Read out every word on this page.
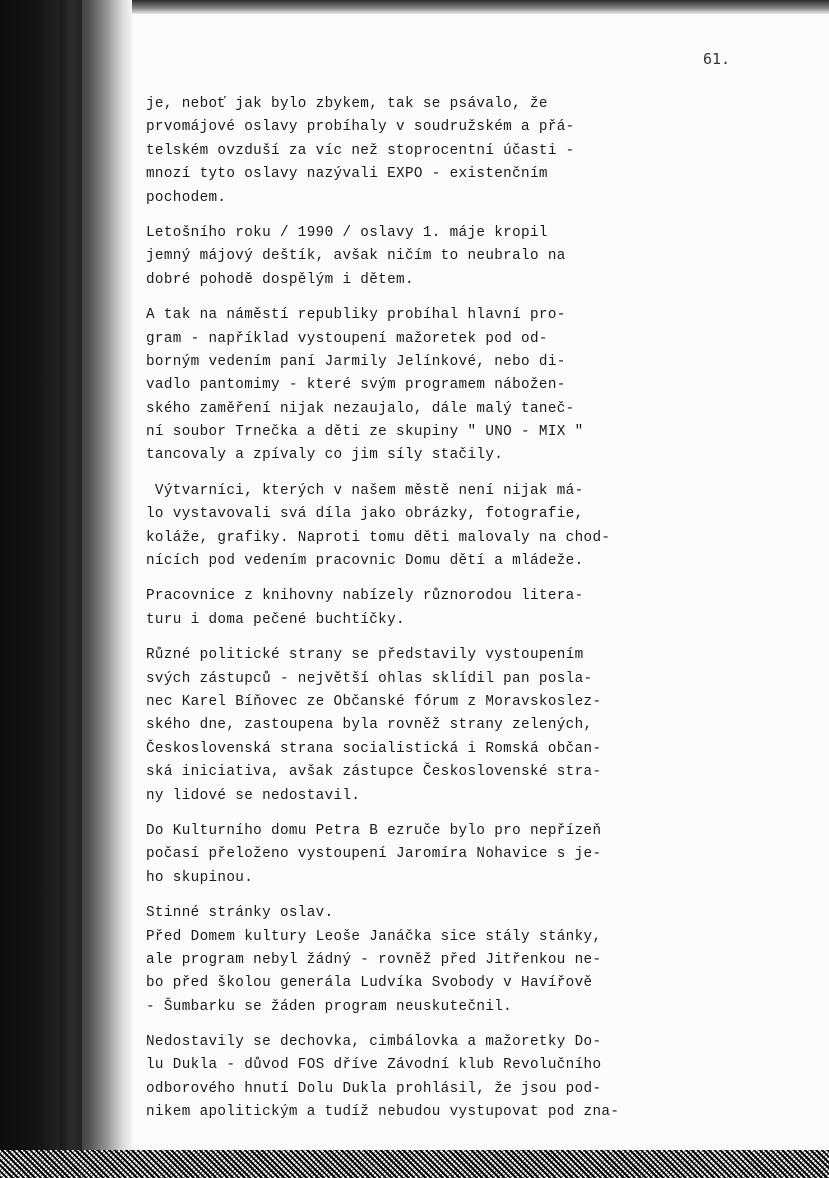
61.
je, neboť jak bylo zbykem, tak se psávalo, že
prvomájové oslavy probíhaly v soudružském a přá-
telském ovzduší za víc než stoprocentní účasti -
mnozí tyto oslavy nazývali EXPO - existenčním
pochodem.
Letošního roku / 1990 / oslavy 1. máje kropil
jemný májový deštík, avšak ničím to neubralo na
dobré pohodě dospělým i dětem.
A tak na náměstí republiky probíhal hlavní pro-
gram - například vystoupení mažoretek pod od-
borným vedením paní Jarmily Jelínkové, nebo di-
vadlo pantomimy - které svým programem nábožen-
ského zaměření nijak nezaujalo, dále malý taneč-
ní soubor Trnečka a děti ze skupiny " UNO - MIX "
tancovaly a zpívaly co jim síly stačily.
Výtvarníci, kterých v našem městě není nijak má-
lo vystavovali svá díla jako obrázky, fotografie,
koláže, grafiky. Naproti tomu děti malovaly na chod-
nících pod vedením pracovnic Domu dětí a mládeže.
Pracovnice z knihovny nabízely různorodou litera-
turu i doma pečené buchtíčky.
Různé politické strany se představily vystoupením
svých zástupců - největší ohlas sklídil pan posla-
nec Karel Bíňovec ze Občanské fórum z Moravskoslez-
ského dne, zastoupena byla rovněž strany zelených,
Československá strana socialistická i Romská občan-
ská iniciativa, avšak zástupce Československé stra-
ny lidové se nedostavil.
Do Kulturního domu Petra B ezruče bylo pro nepřízeň
počasí přeloženo vystoupení Jaromíra Nohavice s je-
ho skupinou.
Stinné stránky oslav.
Před Domem kultury Leoše Janáčka sice stály stánky,
ale program nebyl žádný - rovněž před Jitřenkou ne-
bo před školou generála Ludvíka Svobody v Havířově
- Šumbarku se žáden program neuskutečnil.
Nedostavily se dechovka, cimbálovka a mažoretky Do-
lu Dukla - důvod FOS dříve Závodní klub Revolučního
odborového hnutí Dolu Dukla prohlásil, že jsou pod-
nikem apolitickým a tudíž nebudou vystupovat pod zna-
